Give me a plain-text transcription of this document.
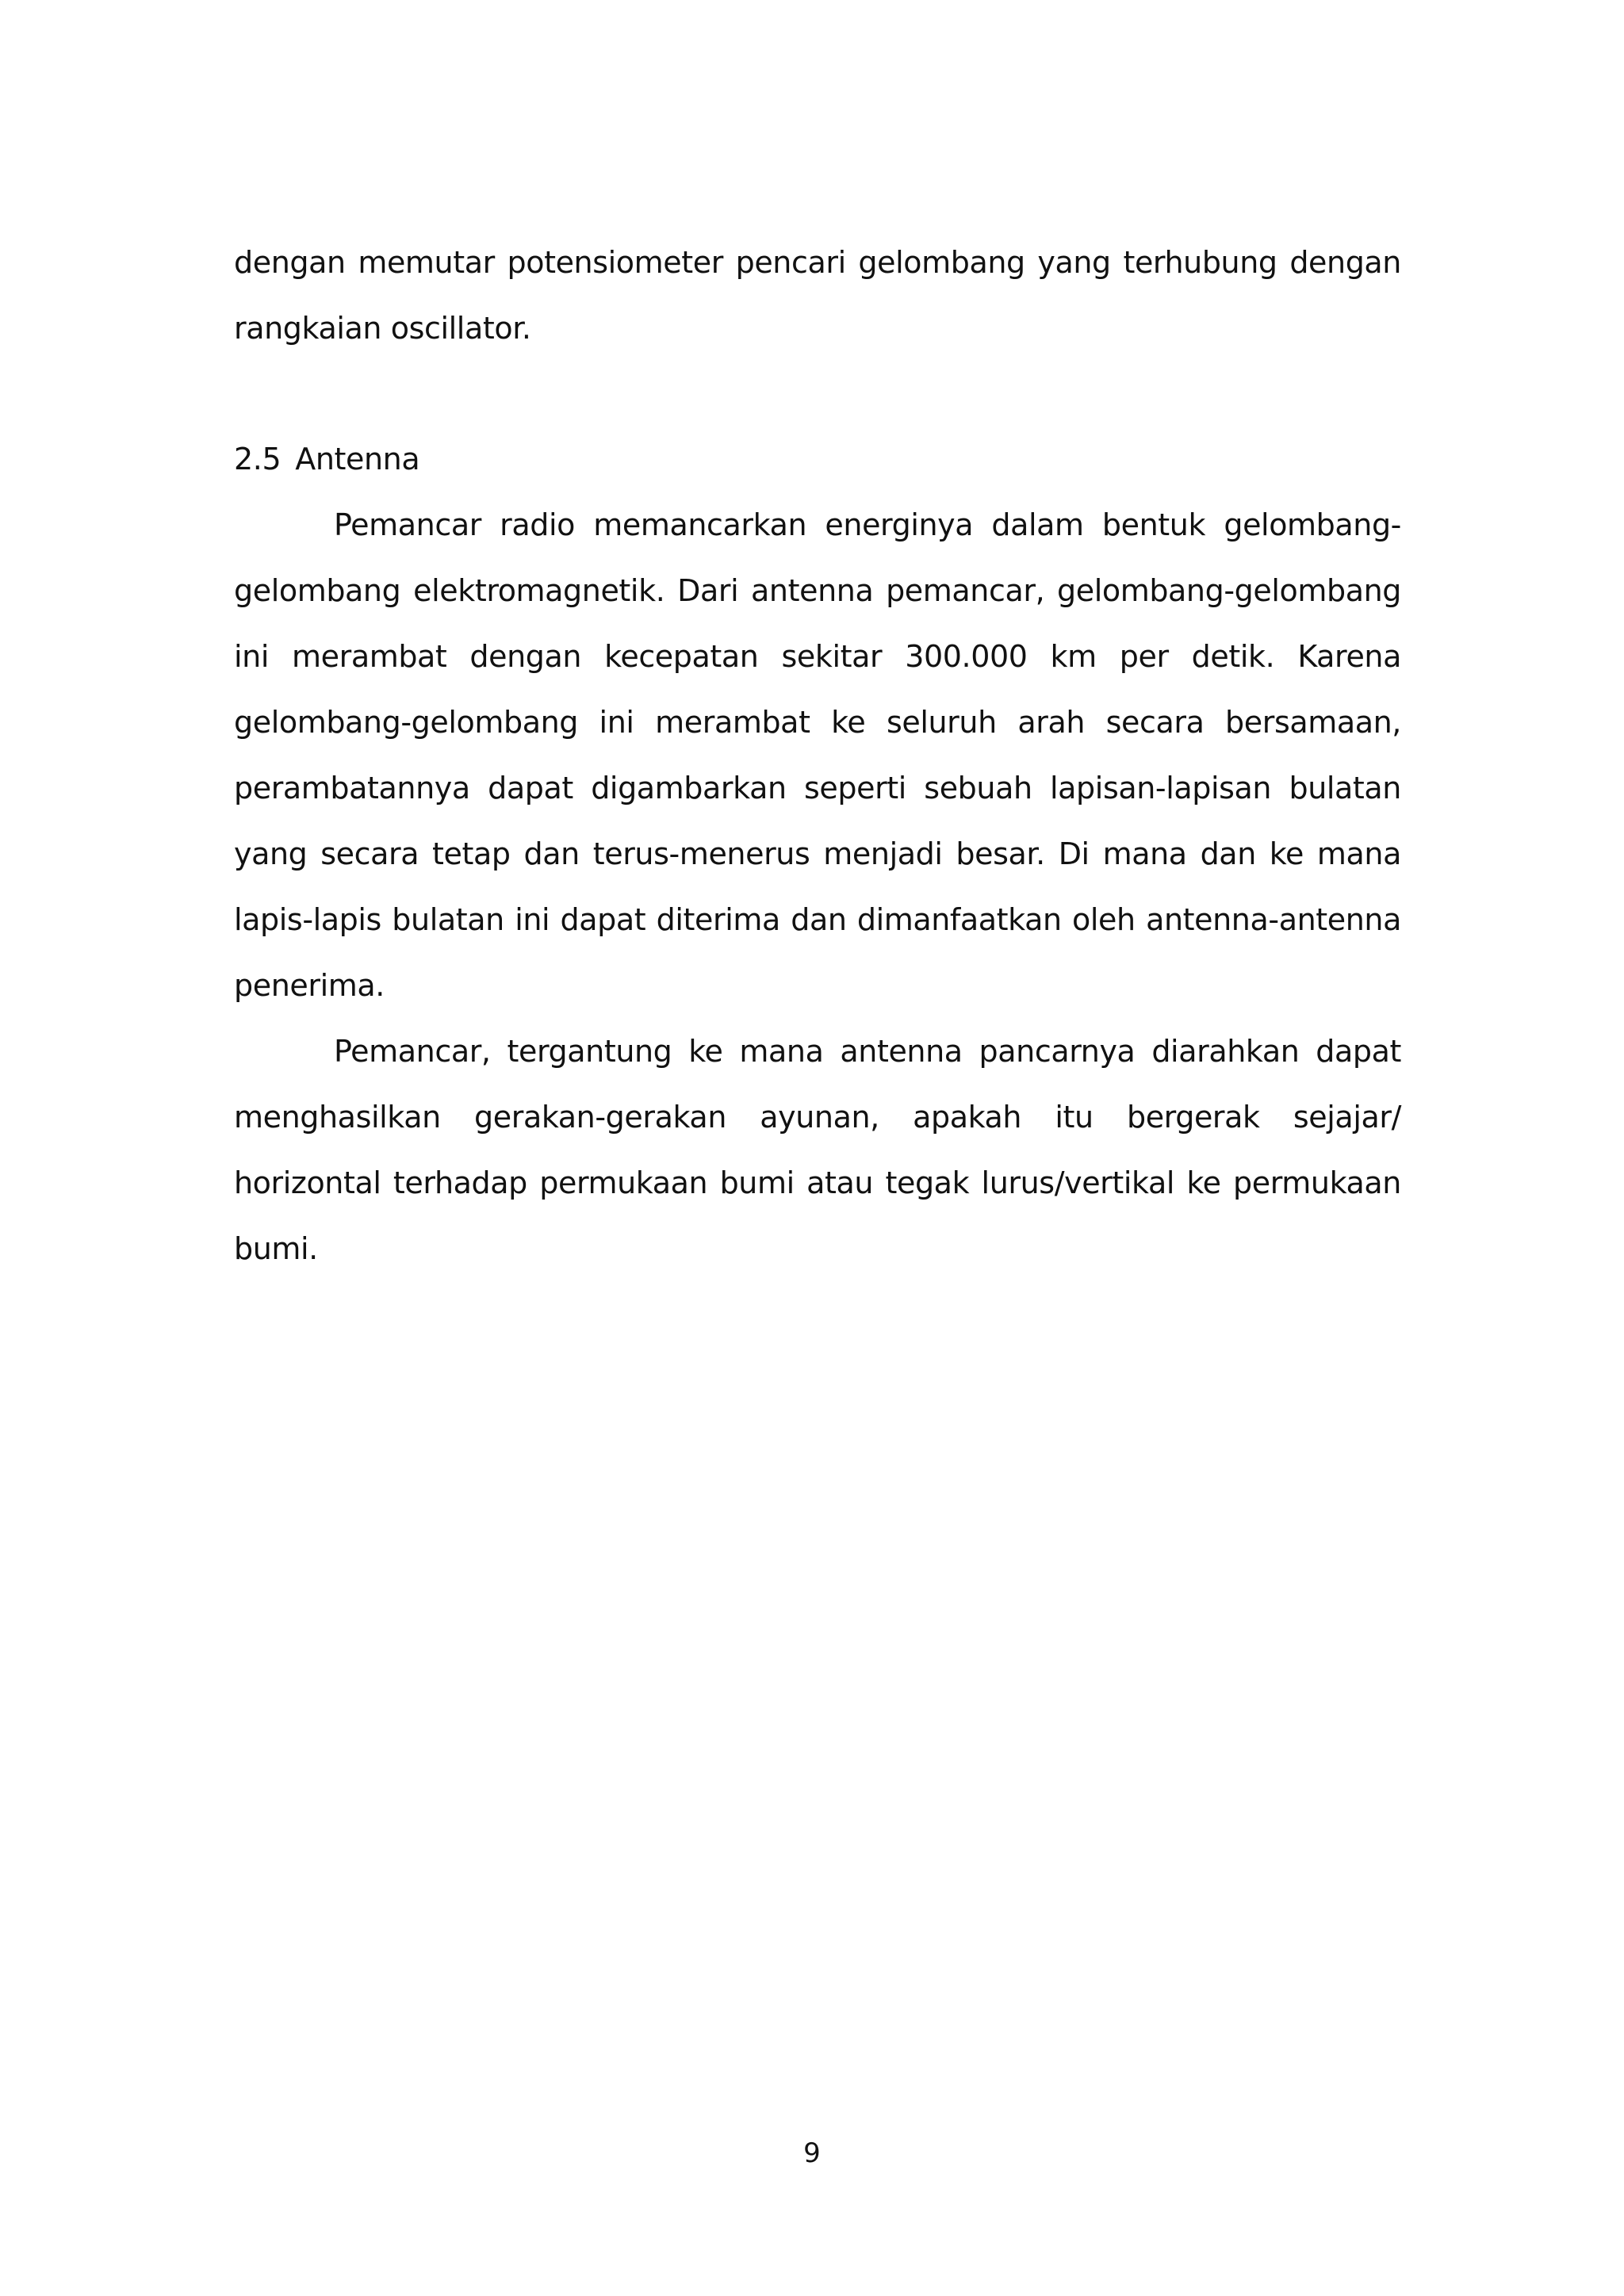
dengan memutar potensiometer pencari gelombang yang terhubung dengan rangkaian oscillator.

2.5 Antenna

Pemancar radio memancarkan energinya dalam bentuk gelombang-gelombang elektromagnetik. Dari antenna pemancar, gelombang-gelombang ini merambat dengan kecepatan sekitar 300.000 km per detik. Karena gelombang-gelombang ini merambat ke seluruh arah secara bersamaan, perambatannya dapat digambarkan seperti sebuah lapisan-lapisan bulatan yang secara tetap dan terus-menerus menjadi besar. Di mana dan ke mana lapis-lapis bulatan ini dapat diterima dan dimanfaatkan oleh antenna-antenna penerima.

Pemancar, tergantung ke mana antenna pancarnya diarahkan dapat menghasilkan gerakan-gerakan ayunan, apakah itu bergerak sejajar/ horizontal terhadap permukaan bumi atau tegak lurus/vertikal ke permukaan bumi.

9
